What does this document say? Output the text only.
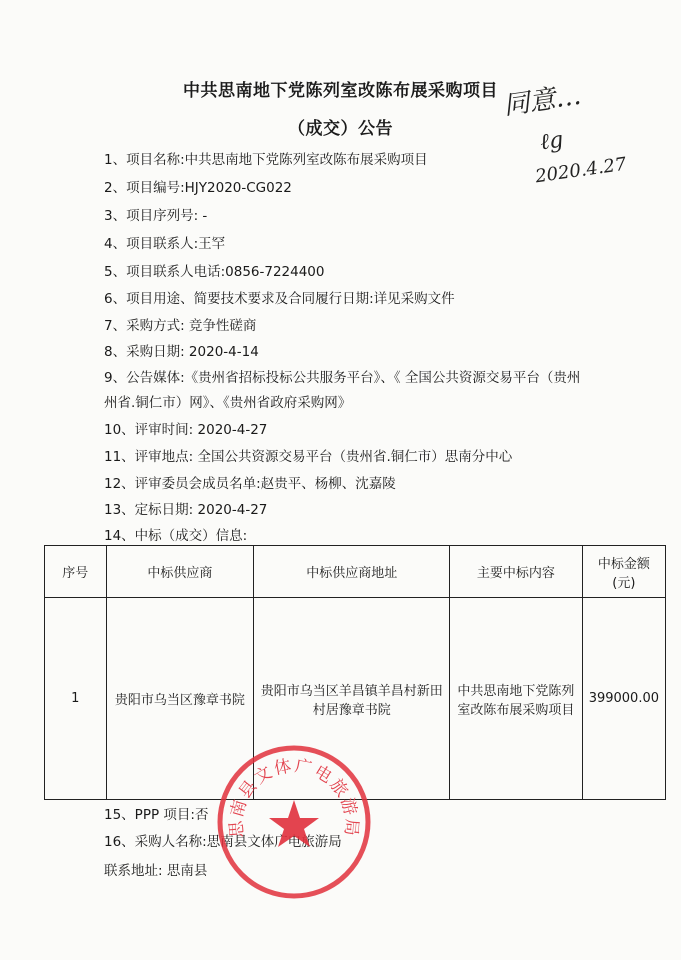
中共思南地下党陈列室改陈布展采购项目
（成交）公告
同意…
ℓg
2020.4.27
1、项目名称:中共思南地下党陈列室改陈布展采购项目
2、项目编号:HJY2020-CG022
3、项目序列号: -
4、项目联系人:王罕
5、项目联系人电话:0856-7224400
6、项目用途、简要技术要求及合同履行日期:详见采购文件
7、采购方式: 竞争性磋商
8、采购日期: 2020-4-14
9、公告媒体:《贵州省招标投标公共服务平台》、《 全国公共资源交易平台（贵州
州省.铜仁市）网》、《贵州省政府采购网》
10、评审时间: 2020-4-27
11、评审地点: 全国公共资源交易平台（贵州省.铜仁市）思南分中心
12、评审委员会成员名单:赵贵平、杨柳、沈嘉陵
13、定标日期: 2020-4-27
14、中标（成交）信息:
序号	中标供应商	中标供应商地址	主要中标内容	中标金额(元)
1	贵阳市乌当区豫章书院	贵阳市乌当区羊昌镇羊昌村新田村居豫章书院	中共思南地下党陈列室改陈布展采购项目	399000.00
15、PPP 项目:否
16、采购人名称:思南县文体广电旅游局
联系地址: 思南县
思南县文体广电旅游局
